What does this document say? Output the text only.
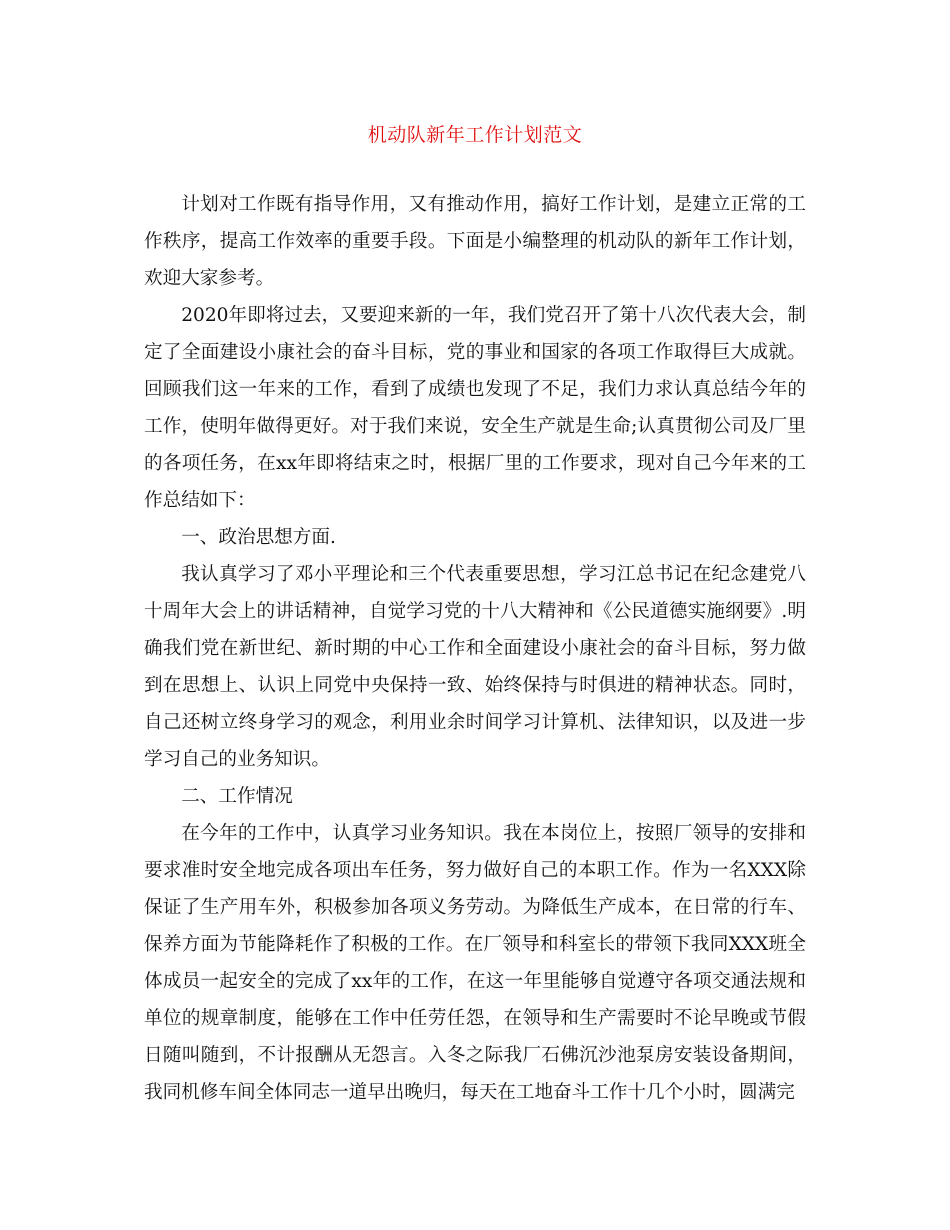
机动队新年工作计划范文

计划对工作既有指导作用，又有推动作用，搞好工作计划，是建立正常的工作秩序，提高工作效率的重要手段。下面是小编整理的机动队的新年工作计划，欢迎大家参考。

2020年即将过去，又要迎来新的一年，我们党召开了第十八次代表大会，制定了全面建设小康社会的奋斗目标，党的事业和国家的各项工作取得巨大成就。回顾我们这一年来的工作，看到了成绩也发现了不足，我们力求认真总结今年的工作，使明年做得更好。对于我们来说，安全生产就是生命;认真贯彻公司及厂里的各项任务，在xx年即将结束之时，根据厂里的工作要求，现对自己今年来的工作总结如下：

一、政治思想方面.

我认真学习了邓小平理论和三个代表重要思想，学习江总书记在纪念建党八十周年大会上的讲话精神，自觉学习党的十八大精神和《公民道德实施纲要》.明确我们党在新世纪、新时期的中心工作和全面建设小康社会的奋斗目标，努力做到在思想上、认识上同党中央保持一致、始终保持与时俱进的精神状态。同时，自己还树立终身学习的观念，利用业余时间学习计算机、法律知识，以及进一步学习自己的业务知识。

二、工作情况

在今年的工作中，认真学习业务知识。我在本岗位上，按照厂领导的安排和要求准时安全地完成各项出车任务，努力做好自己的本职工作。作为一名XXX除保证了生产用车外，积极参加各项义务劳动。为降低生产成本，在日常的行车、保养方面为节能降耗作了积极的工作。在厂领导和科室长的带领下我同XXX班全体成员一起安全的完成了xx年的工作，在这一年里能够自觉遵守各项交通法规和单位的规章制度，能够在工作中任劳任怨，在领导和生产需要时不论早晚或节假日随叫随到，不计报酬从无怨言。入冬之际我厂石佛沉沙池泵房安装设备期间，我同机修车间全体同志一道早出晚归，每天在工地奋斗工作十几个小时，圆满完
